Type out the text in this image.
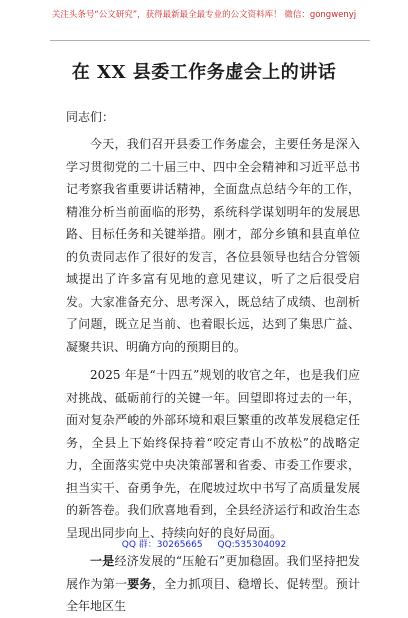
关注头条号“公文研究”，获得最新最全最专业的公文资料库！ 微信：gongwenyj
在 XX 县委工作务虚会上的讲话

同志们：

今天，我们召开县委工作务虚会，主要任务是深入学习贯彻党的二十届三中、四中全会精神和习近平总书记考察我省重要讲话精神，全面盘点总结今年的工作，精准分析当前面临的形势，系统科学谋划明年的发展思路、目标任务和关键举措。刚才，部分乡镇和县直单位的负责同志作了很好的发言，各位县领导也结合分管领域提出了许多富有见地的意见建议，听了之后很受启发。大家准备充分、思考深入，既总结了成绩、也剖析了问题，既立足当前、也着眼长远，达到了集思广益、凝聚共识、明确方向的预期目的。

2025 年是“十四五”规划的收官之年，也是我们应对挑战、砥砺前行的关键一年。回望即将过去的一年，面对复杂严峻的外部环境和艰巨繁重的改革发展稳定任务，全县上下始终保持着“咬定青山不放松”的战略定力，全面落实党中央决策部署和省委、市委工作要求，担当实干、奋勇争先，在爬坡过坎中书写了高质量发展的新答卷。我们欣喜地看到，全县经济运行和政治生态呈现出同步向上、持续向好的良好局面。

一是经济发展的“压舱石”更加稳固。我们坚持把发展作为第一要务，全力抓项目、稳增长、促转型。预计全年地区生

QQ 群：30265665 QQ:535304092
